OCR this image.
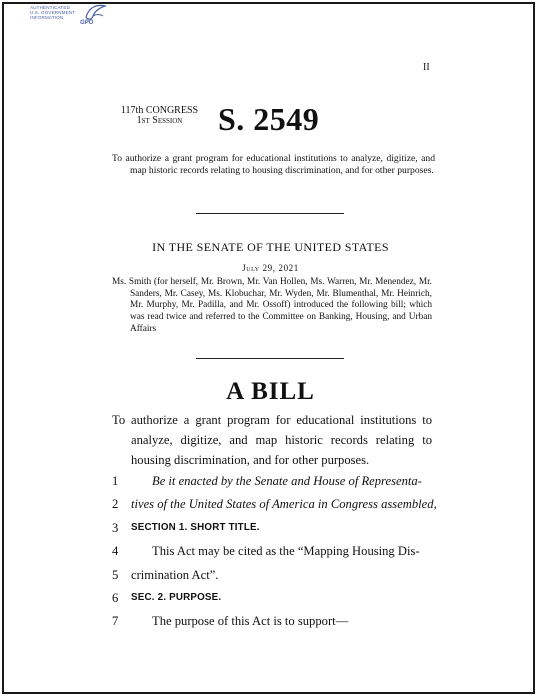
AUTHENTICATED
U.S. GOVERNMENT
INFORMATION
GPO
II
117th CONGRESS
1st Session	S. 2549
To authorize a grant program for educational institutions to analyze, digitize, and map historic records relating to housing discrimination, and for other purposes.
IN THE SENATE OF THE UNITED STATES
July 29, 2021
Ms. Smith (for herself, Mr. Brown, Mr. Van Hollen, Ms. Warren, Mr. Menendez, Mr. Sanders, Mr. Casey, Ms. Klobuchar, Mr. Wyden, Mr. Blumenthal, Mr. Heinrich, Mr. Murphy, Mr. Padilla, and Mr. Ossoff) introduced the following bill; which was read twice and referred to the Committee on Banking, Housing, and Urban Affairs
A BILL
To authorize a grant program for educational institutions to analyze, digitize, and map historic records relating to housing discrimination, and for other purposes.
1	Be it enacted by the Senate and House of Representa-
2	tives of the United States of America in Congress assembled,
3	SECTION 1. SHORT TITLE.
4	This Act may be cited as the “Mapping Housing Dis-
5	crimination Act”.
6	SEC. 2. PURPOSE.
7	The purpose of this Act is to support—
